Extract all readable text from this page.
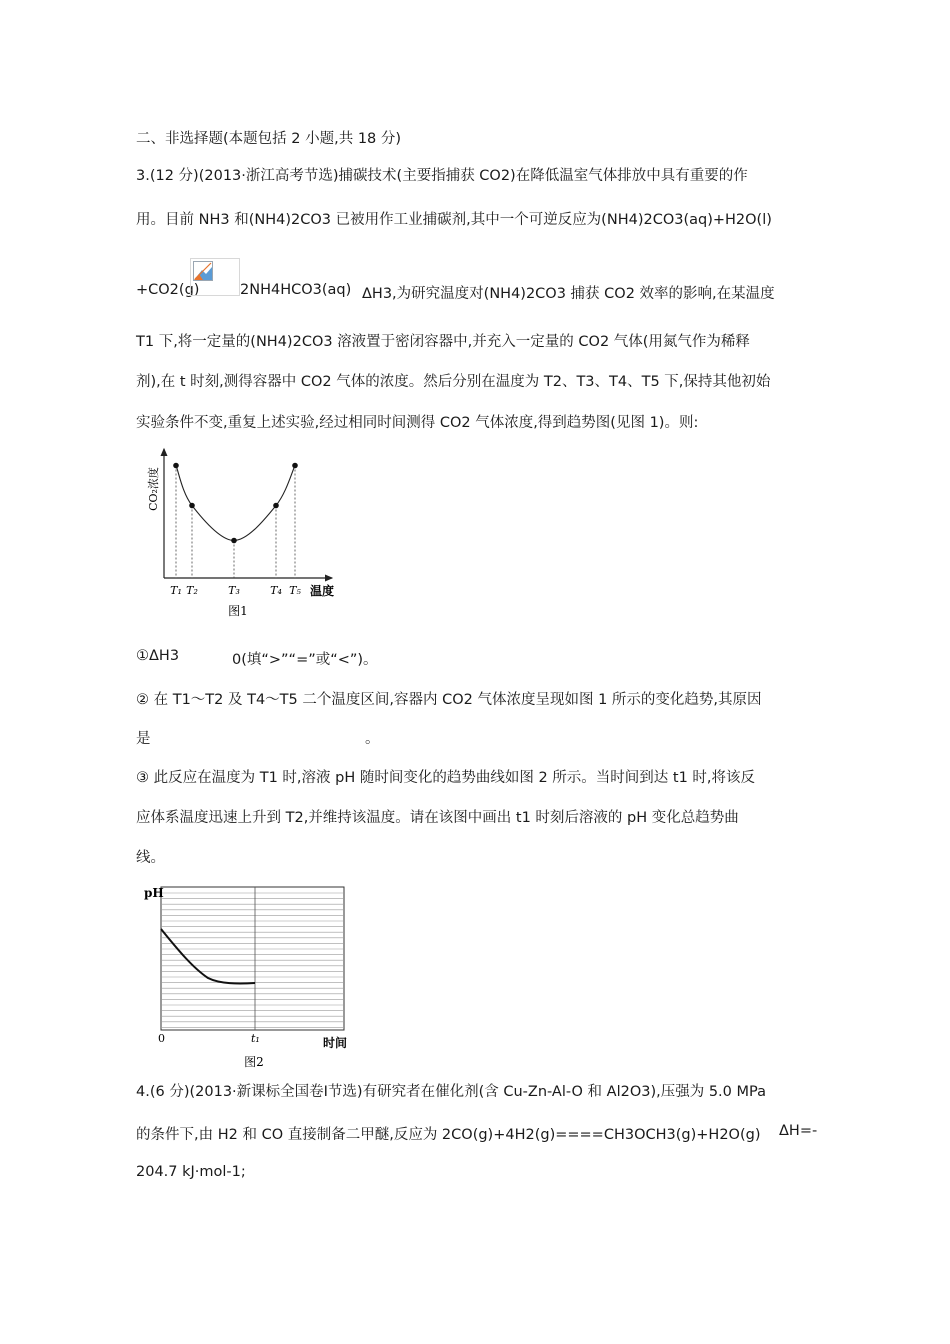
二、非选择题(本题包括 2 小题,共 18 分)
3.(12 分)(2013·浙江高考节选)捕碳技术(主要指捕获 CO2)在降低温室气体排放中具有重要的作
用。目前 NH3 和(NH4)2CO3 已被用作工业捕碳剂,其中一个可逆反应为(NH4)2CO3(aq)+H2O(l)
+CO2(g)	2NH4HCO3(aq) ΔH3,为研究温度对(NH4)2CO3 捕获 CO2 效率的影响,在某温度
T1 下,将一定量的(NH4)2CO3 溶液置于密闭容器中,并充入一定量的 CO2 气体(用氮气作为稀释
剂),在 t 时刻,测得容器中 CO2 气体的浓度。然后分别在温度为 T2、T3、T4、T5 下,保持其他初始
实验条件不变,重复上述实验,经过相同时间测得 CO2 气体浓度,得到趋势图(见图 1)。则:
T₁ T₂	T₃	T₄ T₅
CO₂浓度
温度
图1
①ΔH3	0(填“>”“=”或“<”)。
② 在 T1～T2 及 T4～T5 二个温度区间,容器内 CO2 气体浓度呈现如图 1 所示的变化趋势,其原因
是	。
③ 此反应在温度为 T1 时,溶液 pH 随时间变化的趋势曲线如图 2 所示。当时间到达 t1 时,将该反
应体系温度迅速上升到 T2,并维持该温度。请在该图中画出 t1 时刻后溶液的 pH 变化总趋势曲
线。
pH
0	t₁	时间
图2
4.(6 分)(2013·新课标全国卷Ⅰ节选)有研究者在催化剂(含 Cu-Zn-Al-O 和 Al2O3),压强为 5.0 MPa
的条件下,由 H2 和 CO 直接制备二甲醚,反应为 2CO(g)+4H2(g)====CH3OCH3(g)+H2O(g) ΔH=-
204.7 kJ·mol-1;
